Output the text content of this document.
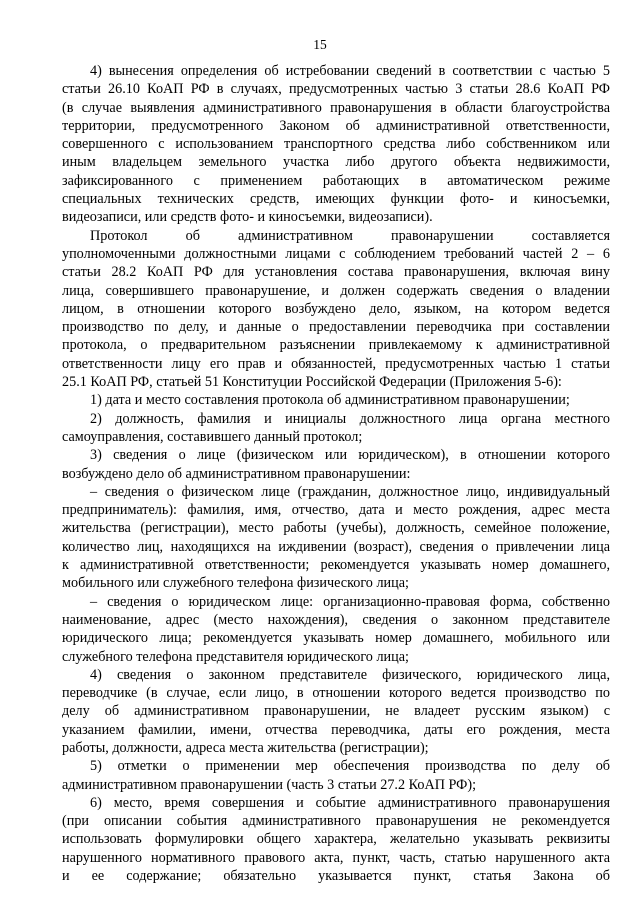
15
4) вынесения определения об истребовании сведений в соответствии с частью 5
статьи 26.10 КоАП РФ в случаях, предусмотренных частью 3 статьи 28.6 КоАП РФ
(в случае выявления административного правонарушения в области благоустройства
территории, предусмотренного Законом об административной ответственности,
совершенного с использованием транспортного средства либо собственником или
иным владельцем земельного участка либо другого объекта недвижимости,
зафиксированного с применением работающих в автоматическом режиме
специальных технических средств, имеющих функции фото- и киносъемки,
видеозаписи, или средств фото- и киносъемки, видеозаписи).
Протокол об административном правонарушении составляется
уполномоченными должностными лицами с соблюдением требований частей 2 – 6
статьи 28.2 КоАП РФ для установления состава правонарушения, включая вину
лица, совершившего правонарушение, и должен содержать сведения о владении
лицом, в отношении которого возбуждено дело, языком, на котором ведется
производство по делу, и данные о предоставлении переводчика при составлении
протокола, о предварительном разъяснении привлекаемому к административной
ответственности лицу его прав и обязанностей, предусмотренных частью 1 статьи
25.1 КоАП РФ, статьей 51 Конституции Российской Федерации (Приложения 5-6):
1) дата и место составления протокола об административном правонарушении;
2) должность, фамилия и инициалы должностного лица органа местного
самоуправления, составившего данный протокол;
3) сведения о лице (физическом или юридическом), в отношении которого
возбуждено дело об административном правонарушении:
– сведения о физическом лице (гражданин, должностное лицо, индивидуальный
предприниматель): фамилия, имя, отчество, дата и место рождения, адрес места
жительства (регистрации), место работы (учебы), должность, семейное положение,
количество лиц, находящихся на иждивении (возраст), сведения о привлечении лица
к административной ответственности; рекомендуется указывать номер домашнего,
мобильного или служебного телефона физического лица;
– сведения о юридическом лице: организационно-правовая форма, собственно
наименование, адрес (место нахождения), сведения о законном представителе
юридического лица; рекомендуется указывать номер домашнего, мобильного или
служебного телефона представителя юридического лица;
4) сведения о законном представителе физического, юридического лица,
переводчике (в случае, если лицо, в отношении которого ведется производство по
делу об административном правонарушении, не владеет русским языком) с
указанием фамилии, имени, отчества переводчика, даты его рождения, места
работы, должности, адреса места жительства (регистрации);
5) отметки о применении мер обеспечения производства по делу об
административном правонарушении (часть 3 статьи 27.2 КоАП РФ);
6) место, время совершения и событие административного правонарушения
(при описании события административного правонарушения не рекомендуется
использовать формулировки общего характера, желательно указывать реквизиты
нарушенного нормативного правового акта, пункт, часть, статью нарушенного акта
и ее содержание; обязательно указывается пункт, статья Закона об
